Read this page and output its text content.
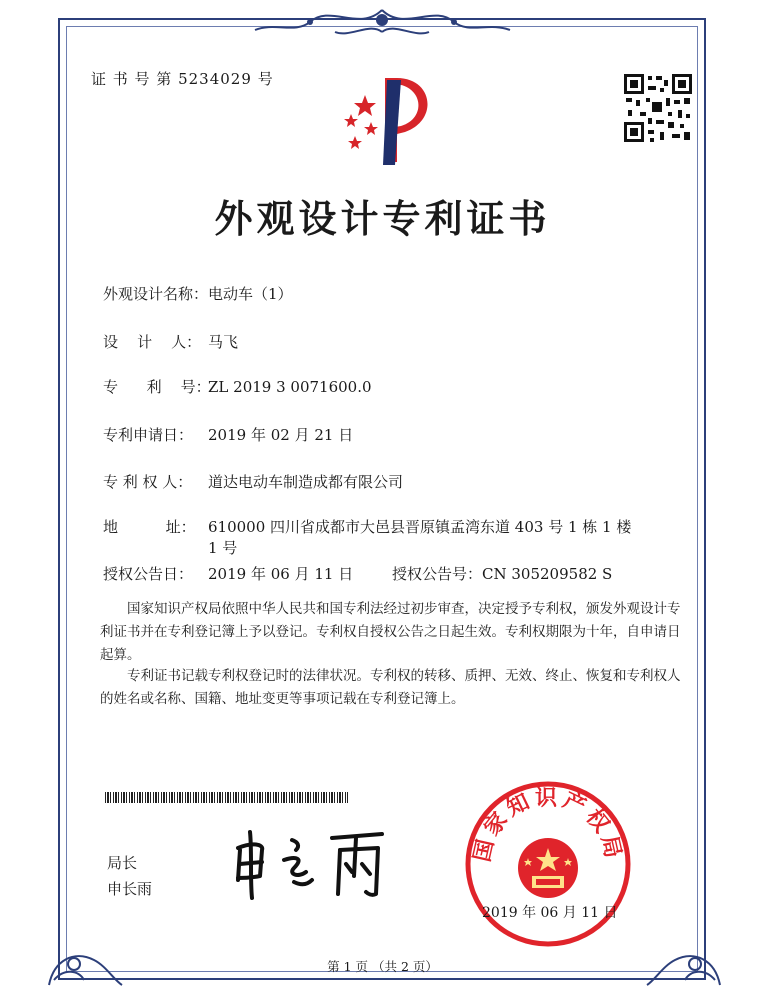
证 书 号 第 5234029 号
外观设计专利证书
外观设计名称：电动车（1）
设    计    人： 马飞
专      利    号：ZL 2019 3 0071600.0
专利申请日： 2019 年 02 月 21 日
专 利 权 人： 道达电动车制造成都有限公司
地          址： 610000 四川省成都市大邑县晋原镇孟湾东道 403 号 1 栋 1 楼
1 号
授权公告日： 2019 年 06 月 11 日	授权公告号：CN 305209582 S
国家知识产权局依照中华人民共和国专利法经过初步审查，决定授予专利权，颁发外观设计专利证书并在专利登记簿上予以登记。专利权自授权公告之日起生效。专利权期限为十年，自申请日起算。
专利证书记载专利权登记时的法律状况。专利权的转移、质押、无效、终止、恢复和专利权人的姓名或名称、国籍、地址变更等事项记载在专利登记簿上。
局长
申长雨
国家知识产权局
2019 年 06 月 11 日
第 1 页 （共 2 页）
